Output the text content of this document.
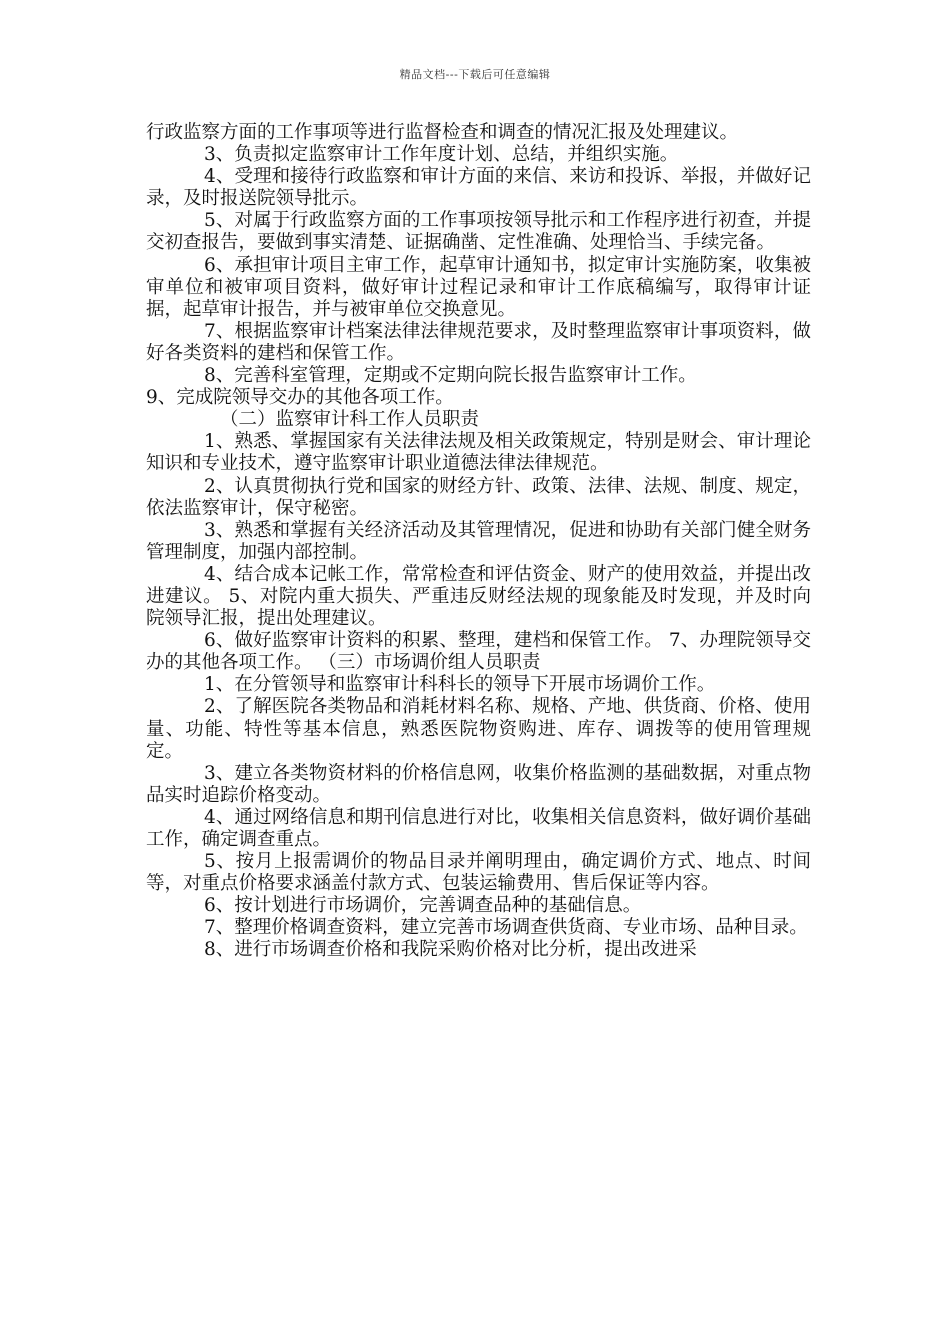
精品文档---下载后可任意编辑

行政监察方面的工作事项等进行监督检查和调查的情况汇报及处理建议。

3、负责拟定监察审计工作年度计划、总结，并组织实施。

4、受理和接待行政监察和审计方面的来信、来访和投诉、举报，并做好记录，及时报送院领导批示。

5、对属于行政监察方面的工作事项按领导批示和工作程序进行初查，并提交初查报告，要做到事实清楚、证据确凿、定性准确、处理恰当、手续完备。

6、承担审计项目主审工作，起草审计通知书，拟定审计实施防案，收集被审单位和被审项目资料，做好审计过程记录和审计工作底稿编写，取得审计证据，起草审计报告，并与被审单位交换意见。

7、根据监察审计档案法律法律规范要求，及时整理监察审计事项资料，做好各类资料的建档和保管工作。

8、完善科室管理，定期或不定期向院长报告监察审计工作。

9、完成院领导交办的其他各项工作。

（二）监察审计科工作人员职责

1、熟悉、掌握国家有关法律法规及相关政策规定，特别是财会、审计理论知识和专业技术，遵守监察审计职业道德法律法律规范。

2、认真贯彻执行党和国家的财经方针、政策、法律、法规、制度、规定，依法监察审计，保守秘密。

3、熟悉和掌握有关经济活动及其管理情况，促进和协助有关部门健全财务管理制度，加强内部控制。

4、结合成本记帐工作，常常检查和评估资金、财产的使用效益，并提出改进建议。 5、对院内重大损失、严重违反财经法规的现象能及时发现，并及时向院领导汇报，提出处理建议。

6、做好监察审计资料的积累、整理，建档和保管工作。 7、办理院领导交办的其他各项工作。 （三）市场调价组人员职责

1、在分管领导和监察审计科科长的领导下开展市场调价工作。

2、了解医院各类物品和消耗材料名称、规格、产地、供货商、价格、使用量、功能、特性等基本信息，熟悉医院物资购进、库存、调拨等的使用管理规定。

3、建立各类物资材料的价格信息网，收集价格监测的基础数据，对重点物品实时追踪价格变动。

4、通过网络信息和期刊信息进行对比，收集相关信息资料，做好调价基础工作，确定调查重点。

5、按月上报需调价的物品目录并阐明理由，确定调价方式、地点、时间等，对重点价格要求涵盖付款方式、包装运输费用、售后保证等内容。

6、按计划进行市场调价，完善调查品种的基础信息。

7、整理价格调查资料，建立完善市场调查供货商、专业市场、品种目录。

8、进行市场调查价格和我院采购价格对比分析，提出改进采
